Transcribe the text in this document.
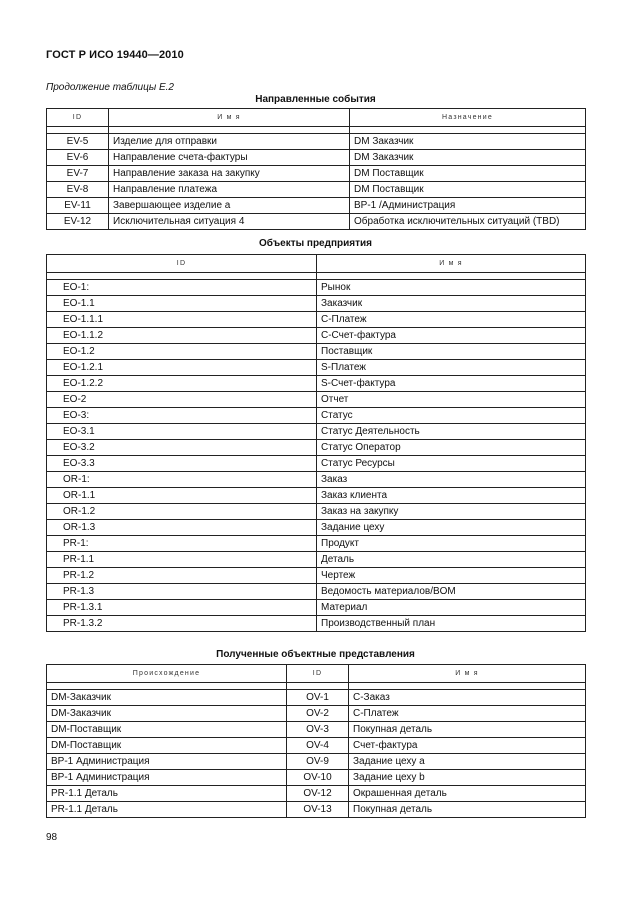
ГОСТ Р ИСО 19440—2010
Продолжение таблицы Е.2
Направленные события
ID	И м я	Назначение

EV-5	Изделие для отправки	DM Заказчик
EV-6	Направление счета-фактуры	DM Заказчик
EV-7	Направление заказа на закупку	DM Поставщик
EV-8	Направление платежа	DM Поставщик
EV-11	Завершающее изделие a	BP-1 /Администрация
EV-12	Исключительная ситуация 4	Обработка исключительных ситуаций (TBD)
Объекты предприятия
ID	И м я

EO-1:	Рынок
EO-1.1	Заказчик
EO-1.1.1	C-Платеж
EO-1.1.2	C-Счет-фактура
EO-1.2	Поставщик
EO-1.2.1	S-Платеж
EO-1.2.2	S-Счет-фактура
EO-2	Отчет
EO-3:	Статус
EO-3.1	Статус Деятельность
EO-3.2	Статус Оператор
EO-3.3	Статус Ресурсы
OR-1:	Заказ
OR-1.1	Заказ клиента
OR-1.2	Заказ на закупку
OR-1.3	Задание цеху
PR-1:	Продукт
PR-1.1	Деталь
PR-1.2	Чертеж
PR-1.3	Ведомость материалов/BOM
PR-1.3.1	Материал
PR-1.3.2	Производственный план
Полученные объектные представления
Происхождение	ID	И м я

DM-Заказчик	OV-1	C-Заказ
DM-Заказчик	OV-2	C-Платеж
DM-Поставщик	OV-3	Покупная деталь
DM-Поставщик	OV-4	Счет-фактура
BP-1 Администрация	OV-9	Задание цеху a
BP-1 Администрация	OV-10	Задание цеху b
PR-1.1 Деталь	OV-12	Окрашенная деталь
PR-1.1 Деталь	OV-13	Покупная деталь
98
